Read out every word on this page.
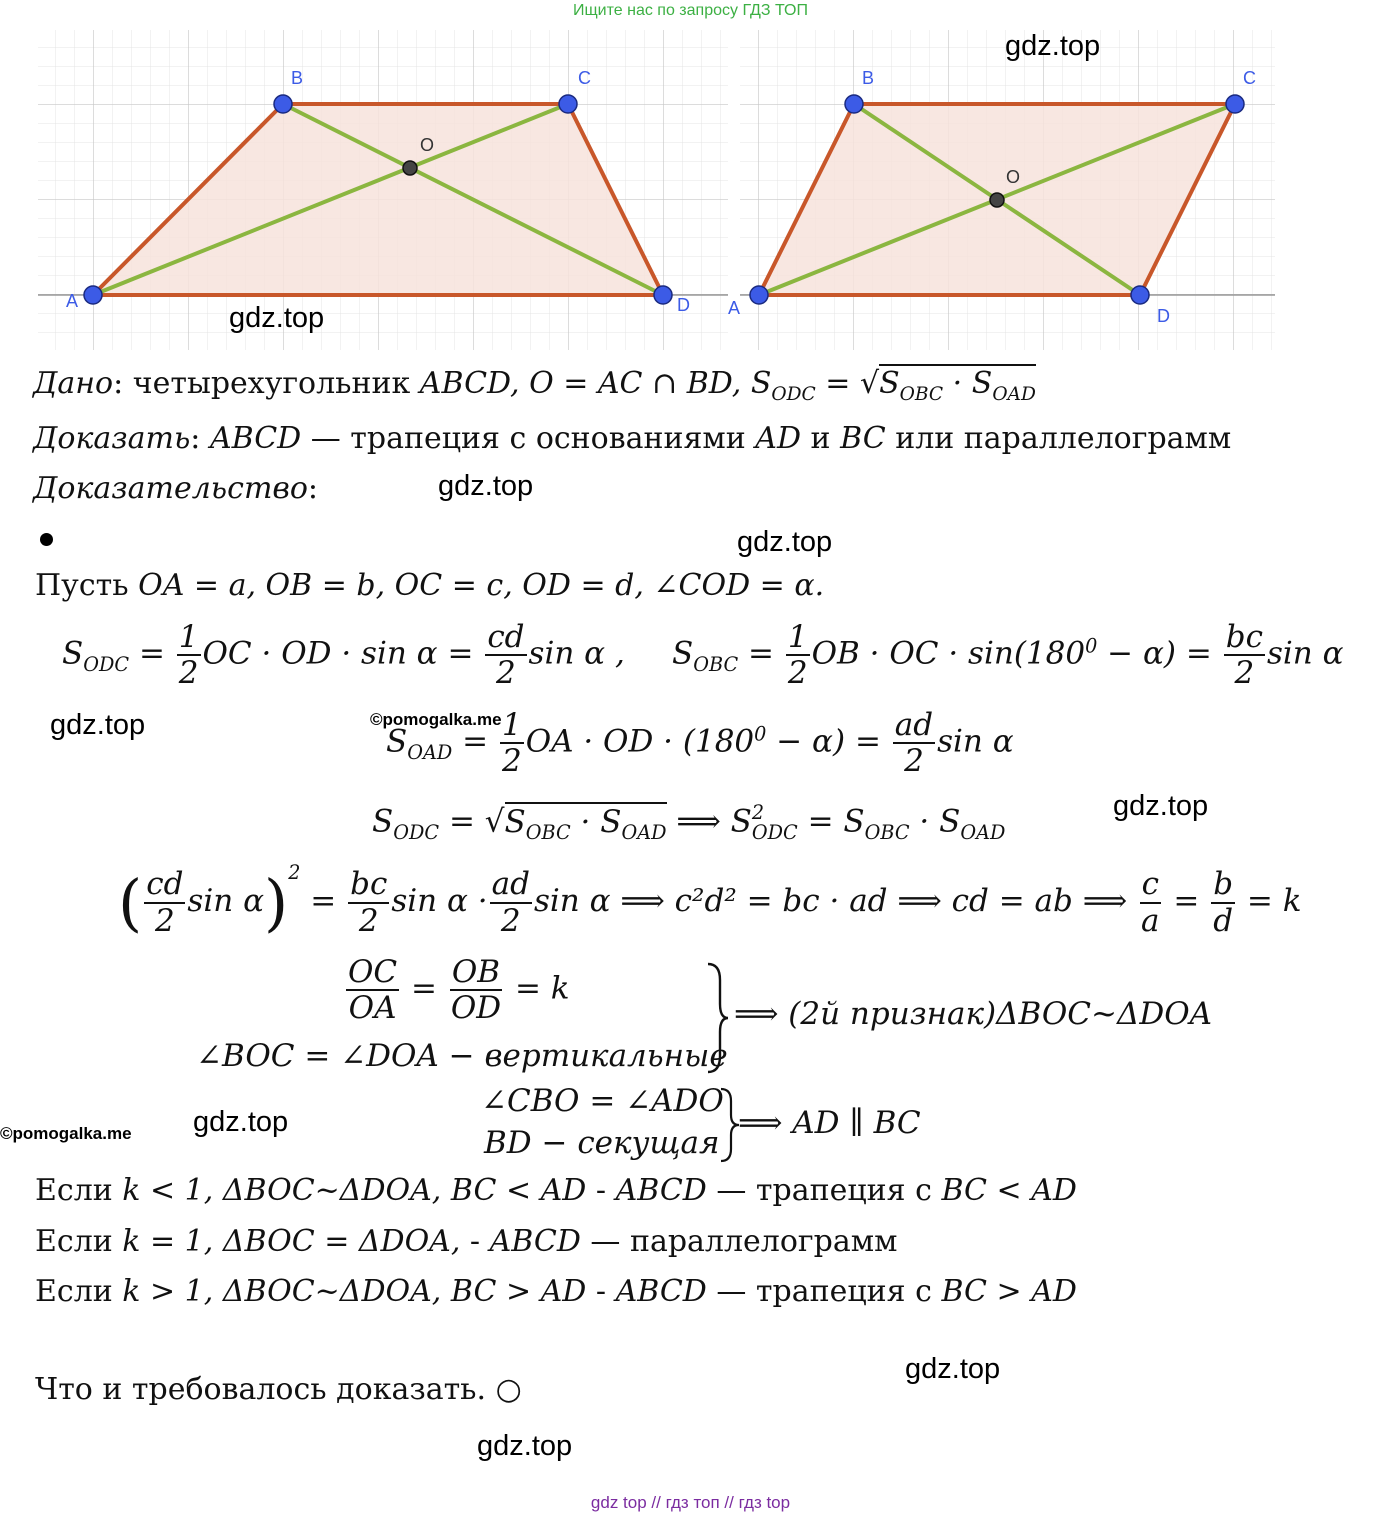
Ищите нас по запросу ГДЗ ТОП
A
B	C
D
O
A
B	C
D
O
gdz.top
gdz.top
gdz.top
gdz.top
gdz.top
gdz.top
gdz.top
gdz.top
gdz.top
©pomogalka.me
©pomogalka.me
Дано: четырехугольник ABCD, O = AC ∩ BD, $S_{ODC} = √S_{OBC} \cdot S_{OAD}$
Доказать: ABCD — трапеция с основаниями AD и BC или параллелограмм
Доказательство:
Пусть OA = a, OB = b, OC = c, OD = d, ∠COD = α.
$S_{ODC} = \frac{1}{2}$ OC · OD · $\sin \alpha = \frac{cd}{2}$ sin α , $S_{OBC} = \frac{1}{2}$ OB · OC · $\sin(180^0 - \alpha) = \frac{bc}{2}$ sin α
$S_{OAD} = \frac{1}{2}$ OA · OD · $(180^0 - \alpha) = \frac{ad}{2}$ sin α
$S_{ODC} = √S_{OBC} \cdot S_{OAD}$ ⟹ S 2
ODC = $S_{OBC} \cdot S_{OAD}$
( $\frac{cd}{2}$ $\sin \alpha)^2 = \frac{bc}{2}$ $\sin \alpha \cdot \frac{ad}{2}$ sin α ⟹ c²d² = bc · ad ⟹ cd = ab ⟹ $\frac{c}{a} = \frac{b}{d} = k$
$\frac{OC}{OA} = \frac{OB}{OD} = k$
∠BOC = ∠DOA − вертикальные
⟹ (2й признак)ΔBOC~ΔDOA
∠CBO = ∠ADO
BD − секущая
⟹ AD ∥ BC
Если k < 1, ΔBOC~ΔDOA, BC < AD - ABCD — трапеция с BC < AD
Если k = 1, ΔBOC = ΔDOA, - ABCD — параллелограмм
Если k > 1, ΔBOC~ΔDOA, BC > AD - ABCD — трапеция с BC > AD
Что и требовалось доказать. ○
gdz top // гдз топ // гдз top
